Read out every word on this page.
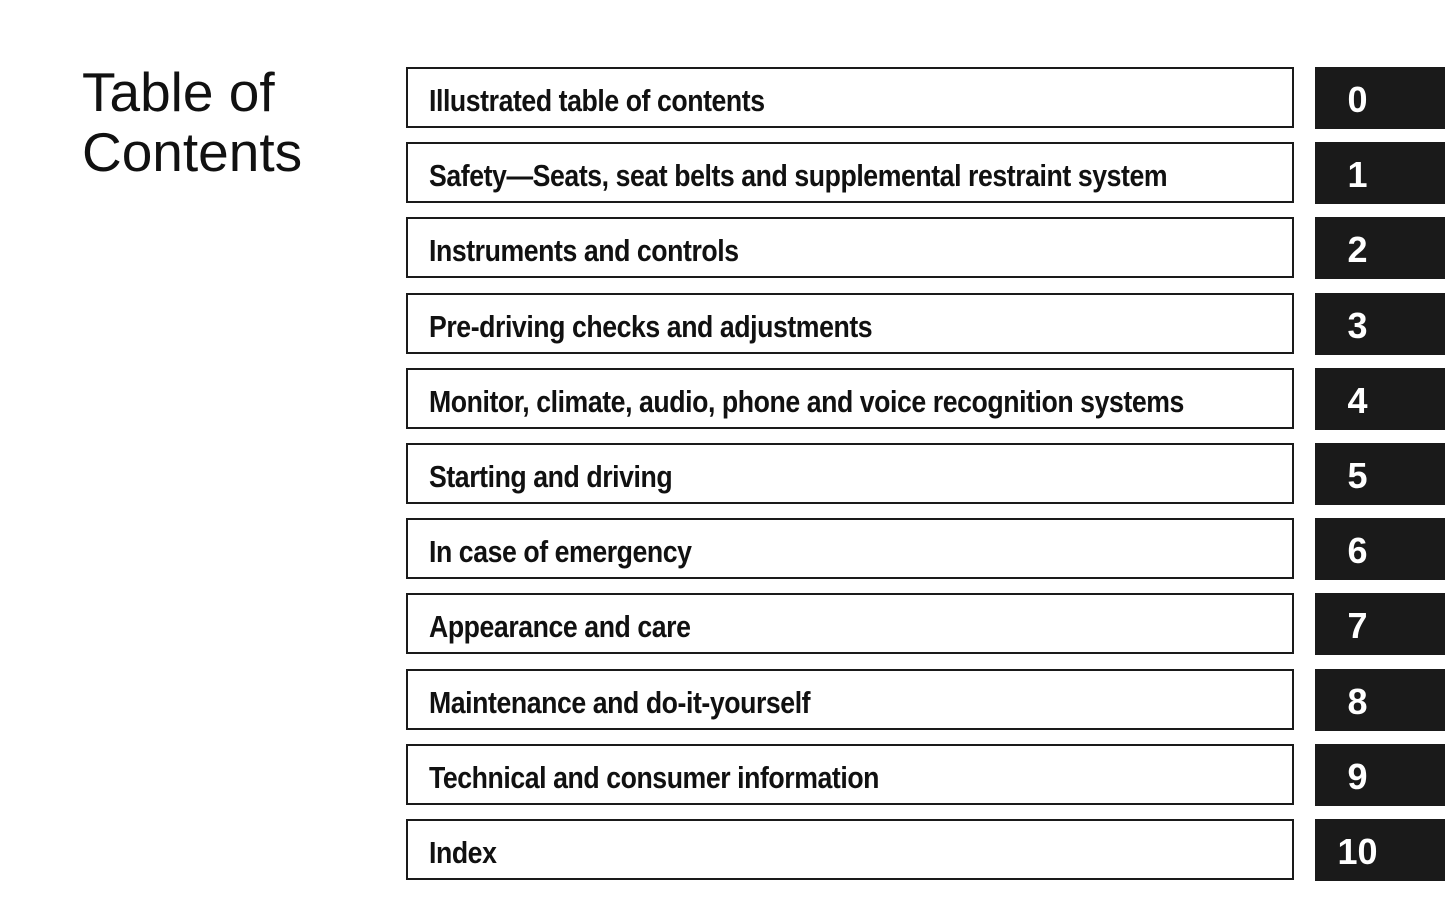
Table of
Contents
Illustrated table of contents	0
Safety—Seats, seat belts and supplemental restraint system	1
Instruments and controls	2
Pre-driving checks and adjustments	3
Monitor, climate, audio, phone and voice recognition systems	4
Starting and driving	5
In case of emergency	6
Appearance and care	7
Maintenance and do-it-yourself	8
Technical and consumer information	9
Index	10
